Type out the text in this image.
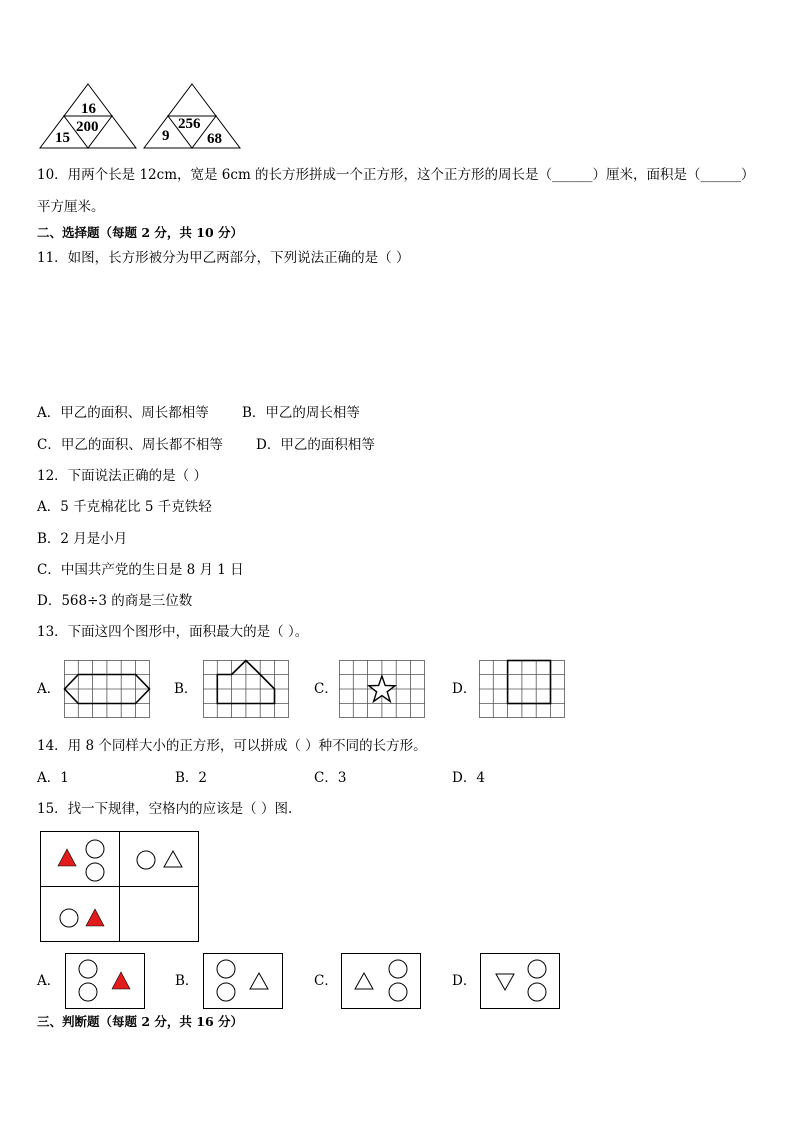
16
200
15
256
9	68
10．用两个长是 12cm，宽是 6cm 的长方形拼成一个正方形，这个正方形的周长是（______）厘米，面积是（______）
平方厘米。
二、选择题（每题 2 分，共 10 分）
11．如图，长方形被分为甲乙两部分，下列说法正确的是（ ）
A．甲乙的面积、周长都相等 B．甲乙的周长相等
C．甲乙的面积、周长都不相等 D．甲乙的面积相等
12．下面说法正确的是（ ）
A．5 千克棉花比 5 千克铁轻
B．2 月是小月
C．中国共产党的生日是 8 月 1 日
D．568÷3 的商是三位数
13．下面这四个图形中，面积最大的是（ ）。
A．	B．	C．	D．
14．用 8 个同样大小的正方形，可以拼成（ ）种不同的长方形。
A．1	B．2	C．3	D．4
15．找一下规律，空格内的应该是（ ）图.
A．	B．	C．	D．
三、判断题（每题 2 分，共 16 分）
